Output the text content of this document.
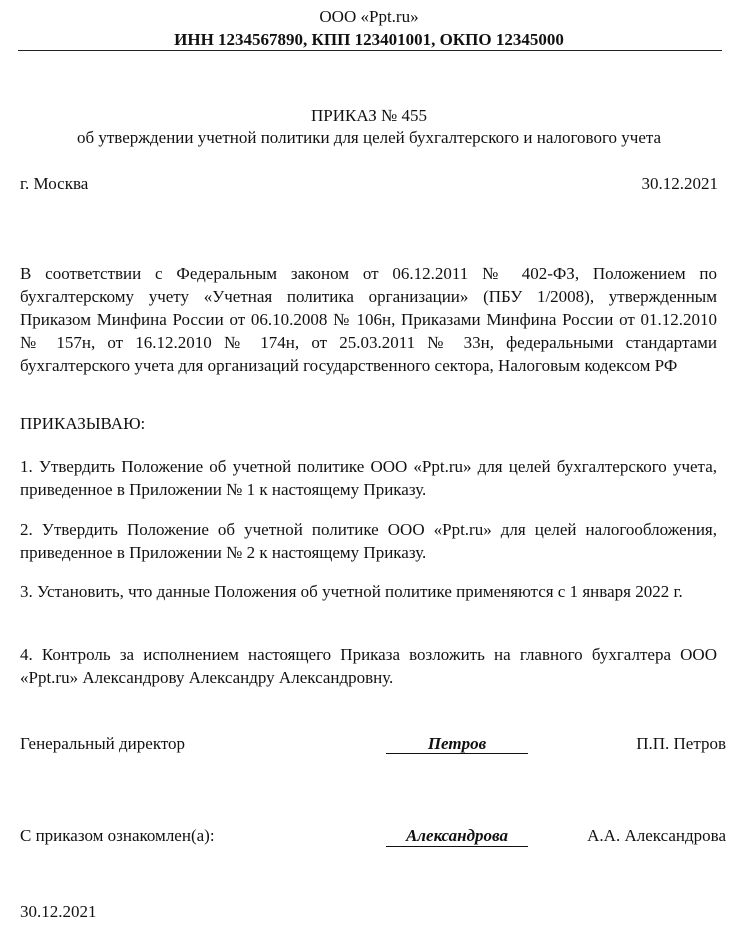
ООО «Ppt.ru»
ИНН 1234567890, КПП 123401001, ОКПО 12345000
ПРИКАЗ № 455
об утверждении учетной политики для целей бухгалтерского и налогового учета
г. Москва	30.12.2021
В соответствии с Федеральным законом от 06.12.2011 № 402-ФЗ, Положением по бухгалтерскому учету «Учетная политика организации» (ПБУ 1/2008), утвержденным Приказом Минфина России от 06.10.2008 № 106н, Приказами Минфина России от 01.12.2010 № 157н, от 16.12.2010 № 174н, от 25.03.2011 № 33н, федеральными стандартами бухгалтерского учета для организаций государственного сектора, Налоговым кодексом РФ
ПРИКАЗЫВАЮ:
1. Утвердить Положение об учетной политике ООО «Ppt.ru» для целей бухгалтерского учета, приведенное в Приложении № 1 к настоящему Приказу.
2. Утвердить Положение об учетной политике ООО «Ppt.ru» для целей налогообложения, приведенное в Приложении № 2 к настоящему Приказу.
3. Установить, что данные Положения об учетной политике применяются с 1 января 2022 г.
4. Контроль за исполнением настоящего Приказа возложить на главного бухгалтера ООО «Ppt.ru» Александрову Александру Александровну.
Генеральный директор	Петров	П.П. Петров
С приказом ознакомлен(а):	Александрова	А.А. Александрова
30.12.2021
